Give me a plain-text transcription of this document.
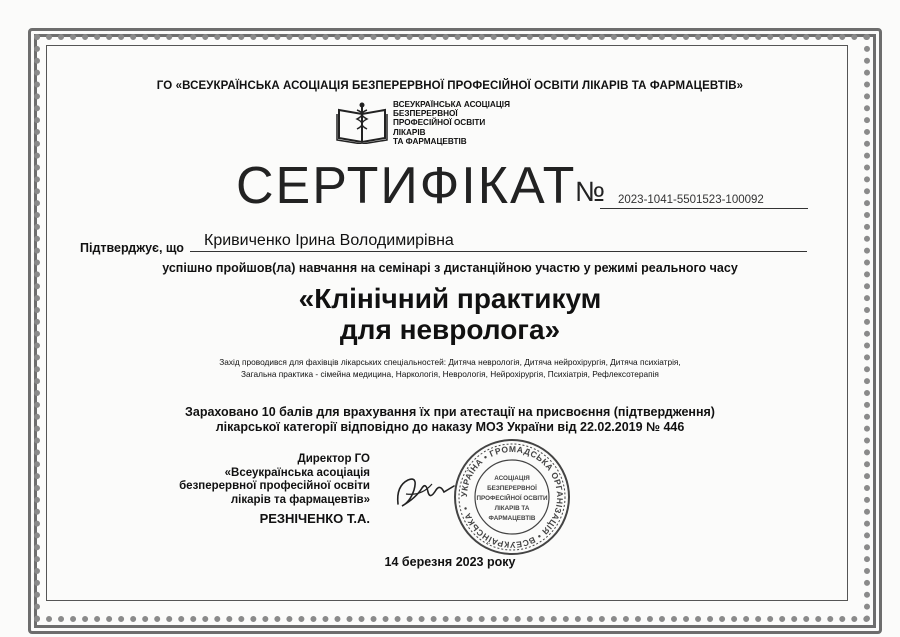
ГО «ВСЕУКРАЇНСЬКА АСОЦІАЦІЯ БЕЗПЕРЕРВНОЇ ПРОФЕСІЙНОЇ ОСВІТИ ЛІКАРІВ ТА ФАРМАЦЕВТІВ»
ВСЕУКРАЇНСЬКА АСОЦІАЦІЯ
БЕЗПЕРЕРВНОЇ
ПРОФЕСІЙНОЇ ОСВІТИ
ЛІКАРІВ
ТА ФАРМАЦЕВТІВ
СЕРТИФІКАТ
№	2023-1041-5501523-100092
Підтверджує, що	Кривиченко Ірина Володимирівна
успішно пройшов(ла) навчання на семінарі з дистанційною участю у режимі реального часу
«Клінічний практикум
для невролога»
Захід проводився для фахівців лікарських спеціальностей: Дитяча неврологія, Дитяча нейрохірургія, Дитяча психіатрія,
Загальна практика - сімейна медицина, Наркологія, Неврологія, Нейрохірургія, Психіатрія, Рефлексотерапія
Зараховано 10 балів для врахування їх при атестації на присвоєння (підтвердження)
лікарської категорії відповідно до наказу МОЗ України від 22.02.2019 № 446
Директор ГО
«Всеукраїнська асоціація
безперервної професійної освіти
лікарів та фармацевтів»
РЕЗНІЧЕНКО Т.А.
УКРАЇНА • ГРОМАДСЬКА ОРГАНІЗАЦІЯ • ВСЕУКРАЇНСЬКА •
АСОЦІАЦІЯ
БЕЗПЕРЕРВНОЇ
ПРОФЕСІЙНОЇ ОСВІТИ
ЛІКАРІВ ТА
ФАРМАЦЕВТІВ
14 березня 2023 року
